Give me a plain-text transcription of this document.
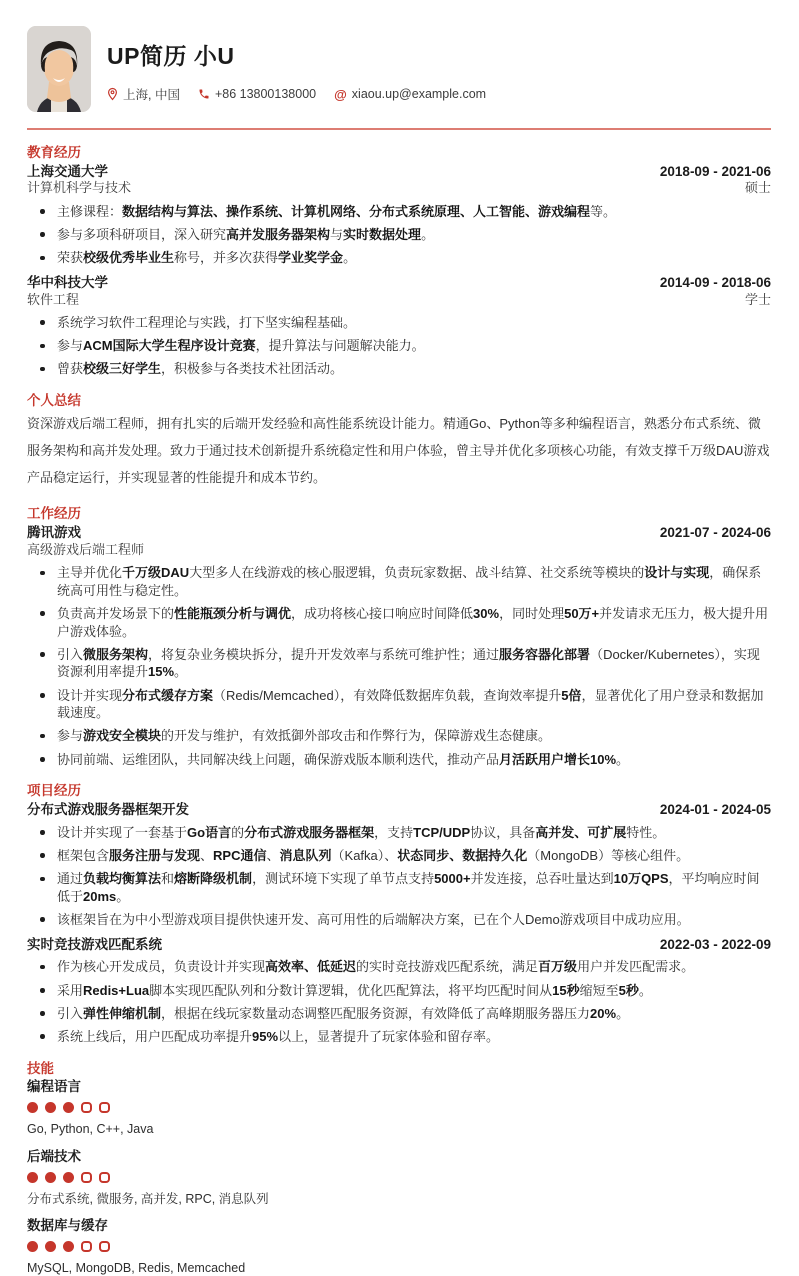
UP简历 小U
上海, 中国	+86 13800138000 @ xiaou.up@example.com
教育经历
上海交通大学	2018-09 - 2021-06
计算机科学与技术	硕士
主修课程：数据结构与算法、操作系统、计算机网络、分布式系统原理、人工智能、游戏编程等。
参与多项科研项目，深入研究高并发服务器架构与实时数据处理。
荣获校级优秀毕业生称号，并多次获得学业奖学金。
华中科技大学	2014-09 - 2018-06
软件工程	学士
系统学习软件工程理论与实践，打下坚实编程基础。
参与ACM国际大学生程序设计竞赛，提升算法与问题解决能力。
曾获校级三好学生，积极参与各类技术社团活动。
个人总结

资深游戏后端工程师，拥有扎实的后端开发经验和高性能系统设计能力。精通Go、Python等多种编程语言，熟悉分布式系统、微服务架构和高并发处理。致力于通过技术创新提升系统稳定性和用户体验，曾主导并优化多项核心功能，有效支撑千万级DAU游戏产品稳定运行，并实现显著的性能提升和成本节约。

工作经历
腾讯游戏	2021-07 - 2024-06
高级游戏后端工程师
主导并优化千万级DAU大型多人在线游戏的核心服逻辑，负责玩家数据、战斗结算、社交系统等模块的设计与实现，确保系统高可用性与稳定性。
负责高并发场景下的性能瓶颈分析与调优，成功将核心接口响应时间降低30%，同时处理50万+并发请求无压力，极大提升用户游戏体验。
引入微服务架构，将复杂业务模块拆分，提升开发效率与系统可维护性；通过服务容器化部署（Docker/Kubernetes），实现资源利用率提升15%。
设计并实现分布式缓存方案（Redis/Memcached），有效降低数据库负载，查询效率提升5倍，显著优化了用户登录和数据加载速度。
参与游戏安全模块的开发与维护，有效抵御外部攻击和作弊行为，保障游戏生态健康。
协同前端、运维团队，共同解决线上问题，确保游戏版本顺利迭代，推动产品月活跃用户增长10%。
项目经历
分布式游戏服务器框架开发	2024-01 - 2024-05
设计并实现了一套基于Go语言的分布式游戏服务器框架，支持TCP/UDP协议，具备高并发、可扩展特性。
框架包含服务注册与发现、RPC通信、消息队列（Kafka）、状态同步、数据持久化（MongoDB）等核心组件。
通过负载均衡算法和熔断降级机制，测试环境下实现了单节点支持5000+并发连接，总吞吐量达到10万QPS，平均响应时间低于20ms。
该框架旨在为中小型游戏项目提供快速开发、高可用性的后端解决方案，已在个人Demo游戏项目中成功应用。
实时竞技游戏匹配系统	2022-03 - 2022-09
作为核心开发成员，负责设计并实现高效率、低延迟的实时竞技游戏匹配系统，满足百万级用户并发匹配需求。
采用Redis+Lua脚本实现匹配队列和分数计算逻辑，优化匹配算法，将平均匹配时间从15秒缩短至5秒。
引入弹性伸缩机制，根据在线玩家数量动态调整匹配服务资源，有效降低了高峰期服务器压力20%。
系统上线后，用户匹配成功率提升95%以上，显著提升了玩家体验和留存率。
技能
编程语言
Go, Python, C++, Java
后端技术
分布式系统, 微服务, 高并发, RPC, 消息队列
数据库与缓存
MySQL, MongoDB, Redis, Memcached
